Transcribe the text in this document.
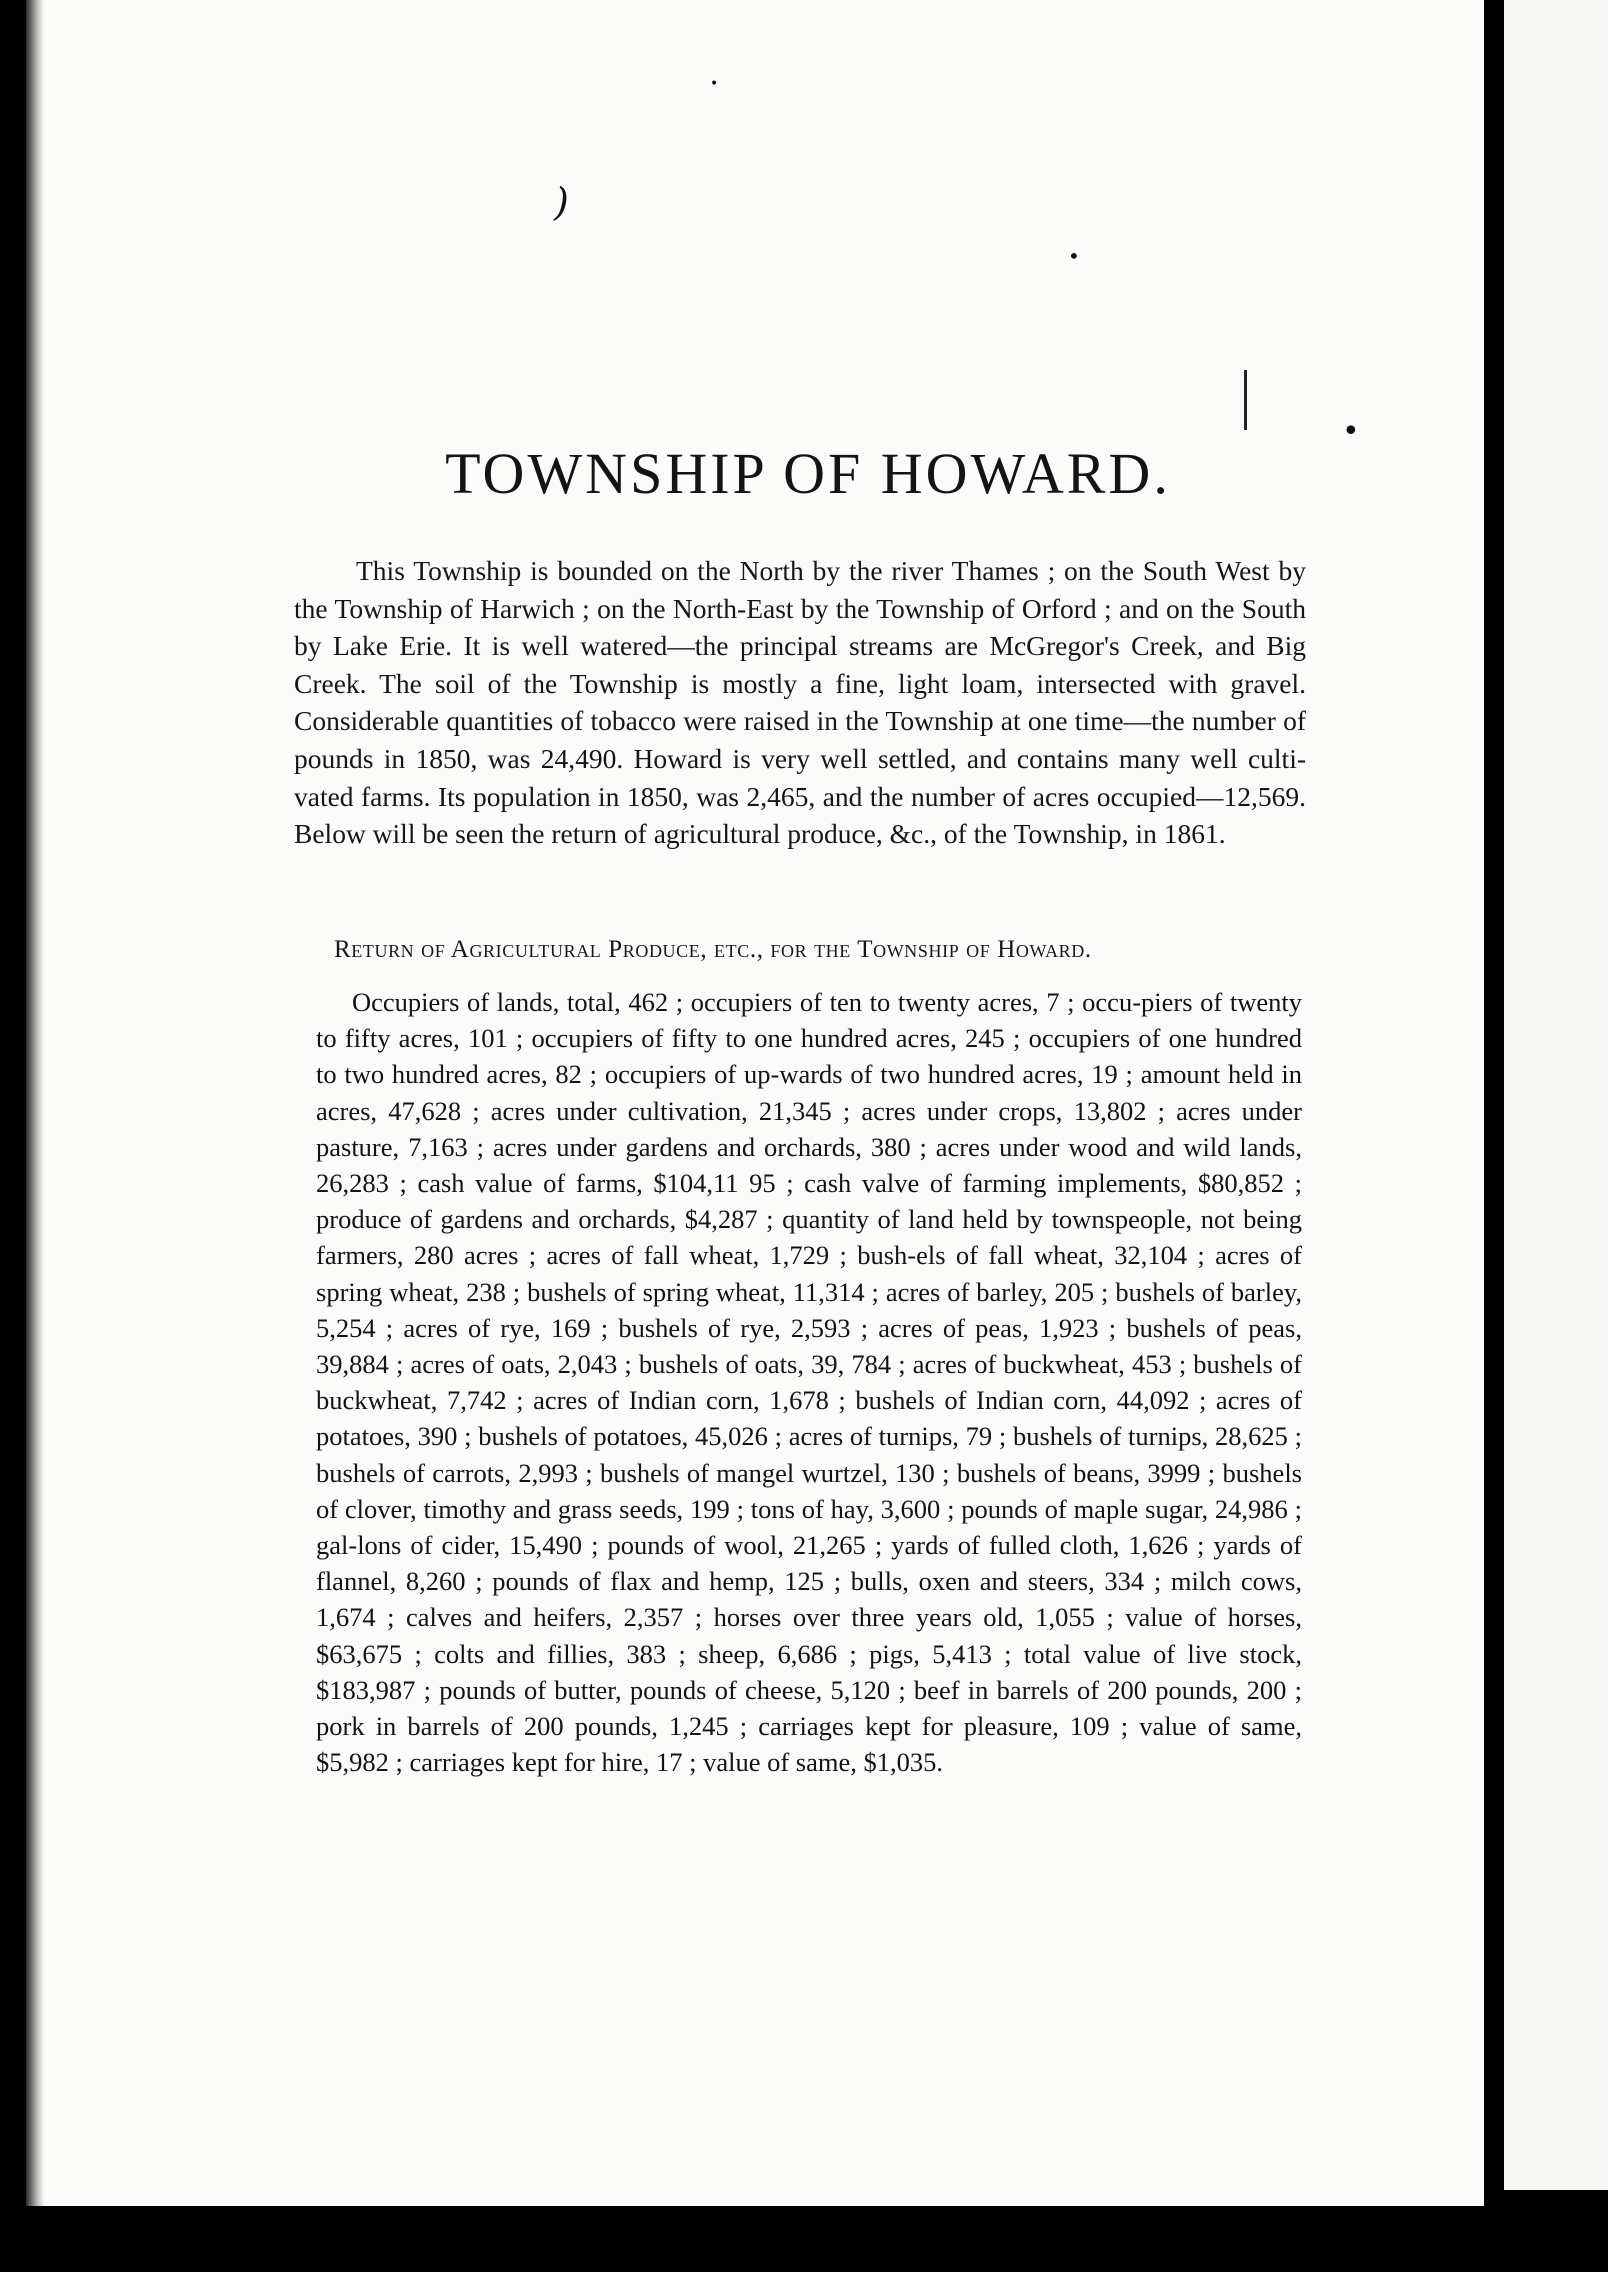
)
•
•
•
TOWNSHIP OF HOWARD.

This Township is bounded on the North by the river Thames ; on the South West by the Township of Harwich ; on the North-East by the Township of Orford ; and on the South by Lake Erie. It is well watered—the principal streams are McGregor's Creek, and Big Creek. The soil of the Township is mostly a fine, light loam, intersected with gravel. Considerable quantities of tobacco were raised in the Township at one time—the number of pounds in 1850, was 24,490. Howard is very well settled, and contains many well culti-vated farms. Its population in 1850, was 2,465, and the number of acres occupied—12,569. Below will be seen the return of agricultural produce, &c., of the Township, in 1861.

Return of Agricultural Produce, etc., for the Township of Howard.

Occupiers of lands, total, 462 ; occupiers of ten to twenty acres, 7 ; occu-piers of twenty to fifty acres, 101 ; occupiers of fifty to one hundred acres, 245 ; occupiers of one hundred to two hundred acres, 82 ; occupiers of up-wards of two hundred acres, 19 ; amount held in acres, 47,628 ; acres under cultivation, 21,345 ; acres under crops, 13,802 ; acres under pasture, 7,163 ; acres under gardens and orchards, 380 ; acres under wood and wild lands, 26,283 ; cash value of farms, $104,11 95 ; cash valve of farming implements, $80,852 ; produce of gardens and orchards, $4,287 ; quantity of land held by townspeople, not being farmers, 280 acres ; acres of fall wheat, 1,729 ; bush-els of fall wheat, 32,104 ; acres of spring wheat, 238 ; bushels of spring wheat, 11,314 ; acres of barley, 205 ; bushels of barley, 5,254 ; acres of rye, 169 ; bushels of rye, 2,593 ; acres of peas, 1,923 ; bushels of peas, 39,884 ; acres of oats, 2,043 ; bushels of oats, 39, 784 ; acres of buckwheat, 453 ; bushels of buckwheat, 7,742 ; acres of Indian corn, 1,678 ; bushels of Indian corn, 44,092 ; acres of potatoes, 390 ; bushels of potatoes, 45,026 ; acres of turnips, 79 ; bushels of turnips, 28,625 ; bushels of carrots, 2,993 ; bushels of mangel wurtzel, 130 ; bushels of beans, 3999 ; bushels of clover, timothy and grass seeds, 199 ; tons of hay, 3,600 ; pounds of maple sugar, 24,986 ; gal-lons of cider, 15,490 ; pounds of wool, 21,265 ; yards of fulled cloth, 1,626 ; yards of flannel, 8,260 ; pounds of flax and hemp, 125 ; bulls, oxen and steers, 334 ; milch cows, 1,674 ; calves and heifers, 2,357 ; horses over three years old, 1,055 ; value of horses, $63,675 ; colts and fillies, 383 ; sheep, 6,686 ; pigs, 5,413 ; total value of live stock, $183,987 ; pounds of butter, pounds of cheese, 5,120 ; beef in barrels of 200 pounds, 200 ; pork in barrels of 200 pounds, 1,245 ; carriages kept for pleasure, 109 ; value of same, $5,982 ; carriages kept for hire, 17 ; value of same, $1,035.
